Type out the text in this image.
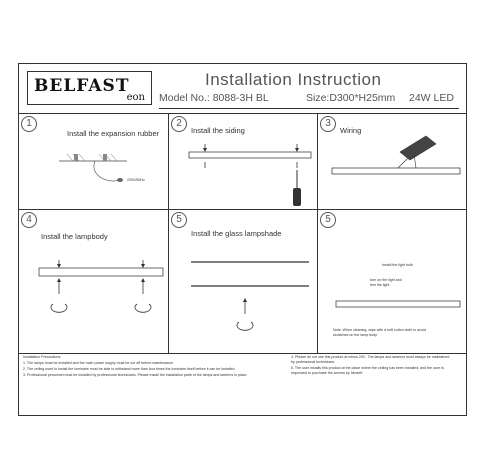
BELFAST
eon
Installation Instruction
Model No.: 8088-3H BL	Size:D300*H25mm 24W LED
1
Install the expansion rubber
220V/50Hz
2
Install the siding
3
Wiring
4
Install the lampbody
5
Install the glass lampshade
5
Install the light bulb
turn on the light and
test the light
Note: When cleaning, wipe with a soft cotton cloth to avoid
scratches on the lamp body.
Installation Precautions:
1. The lamps must be installed and the main power supply must be cut off before maintenance.
2. The ceiling used to install the luminaire must be able to withstand more than four times the luminaire itself before it can be installed.
3. Professional personnel must be installed by professional technicians. Please install the installation parts of the lamps and lanterns in place.
4. Please do not use this product at minus 20C. The lamps and lanterns must always be maintained
by professional technicians.
5. The user installs this product at the place where the ceiling has been installed, and the user is
requested to purchase the screws by himself.
